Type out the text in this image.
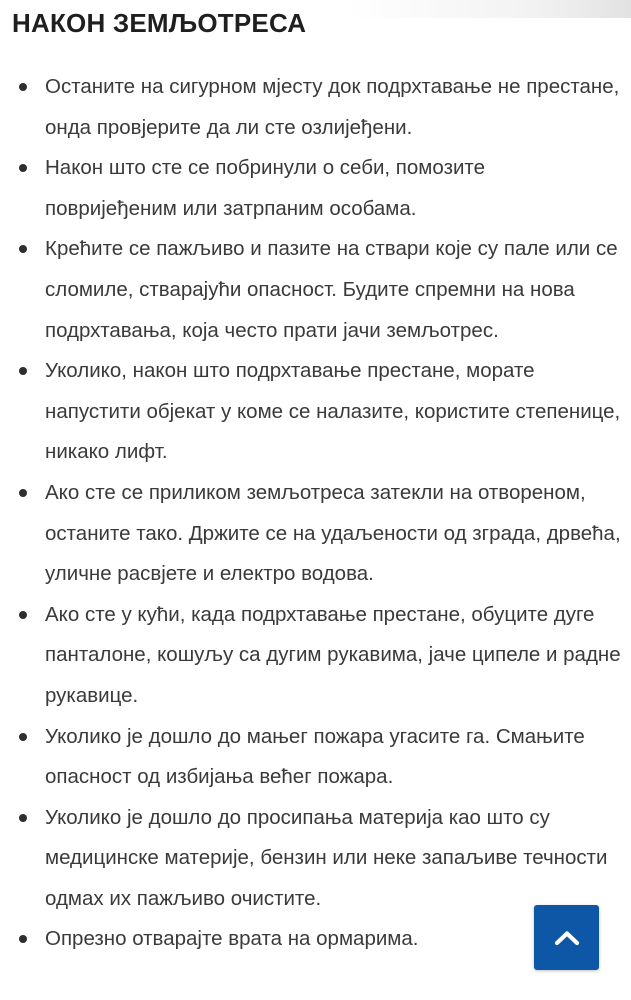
НАКОН ЗЕМЉОТРЕСА
Останите на сигурном мјесту док подрхтавање не престане, онда провјерите да ли сте озлијеђени.
Након што сте се побринули о себи, помозите повријеђеним или затрпаним особама.
Крећите се пажљиво и пазите на ствари које су пале или се сломиле, стварајући опасност. Будите спремни на нова подрхтавања, која често прати јачи земљотрес.
Уколико, након што подрхтавање престане, морате напустити објекат у коме се налазите, користите степенице, никако лифт.
Ако сте се приликом земљотреса затекли на отвореном, останите тако. Држите се на удаљености од зграда, дрвећа, уличне расвјете и електро водова.
Ако сте у кући, када подрхтавање престане, обуците дуге панталоне, кошуљу са дугим рукавима, јаче ципеле и радне рукавице.
Уколико је дошло до мањег пожара угасите га. Смањите опасност од избијања већег пожара.
Уколико је дошло до просипања материја као што су медицинске материје, бензин или неке запаљиве течности одмах их пажљиво очистите.
Опрезно отварајте врата на ормарима.
